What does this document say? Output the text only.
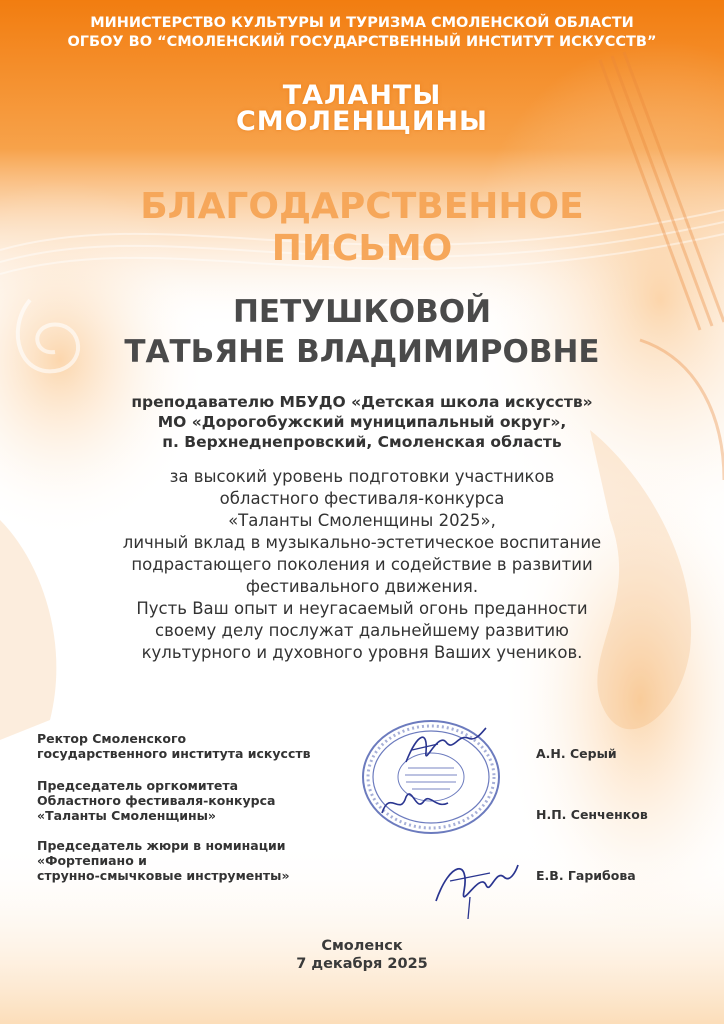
МИНИСТЕРСТВО КУЛЬТУРЫ И ТУРИЗМА СМОЛЕНСКОЙ ОБЛАСТИ
ОГБОУ ВО “СМОЛЕНСКИЙ ГОСУДАРСТВЕННЫЙ ИНСТИТУТ ИСКУССТВ”
ТАЛАНТЫ
СМОЛЕНЩИНЫ
БЛАГОДАРСТВЕННОЕ
ПИСЬМО
ПЕТУШКОВОЙ
ТАТЬЯНЕ ВЛАДИМИРОВНЕ
преподавателю МБУДО «Детская школа искусств»
МО «Дорогобужский муниципальный округ»,
п. Верхнеднепровский, Смоленская область
за высокий уровень подготовки участников
областного фестиваля-конкурса
«Таланты Смоленщины 2025»,
личный вклад в музыкально-эстетическое воспитание
подрастающего поколения и содействие в развитии
фестивального движения.
Пусть Ваш опыт и неугасаемый огонь преданности
своему делу послужат дальнейшему развитию
культурного и духовного уровня Ваших учеников.
Ректор Смоленского
государственного института искусств	А.Н. Серый
Председатель оргкомитета
Областного фестиваля-конкурса
«Таланты Смоленщины»	Н.П. Сенченков
Председатель жюри в номинации
«Фортепиано и
струнно-смычковые инструменты»	Е.В. Гарибова
Смоленск
7 декабря 2025
